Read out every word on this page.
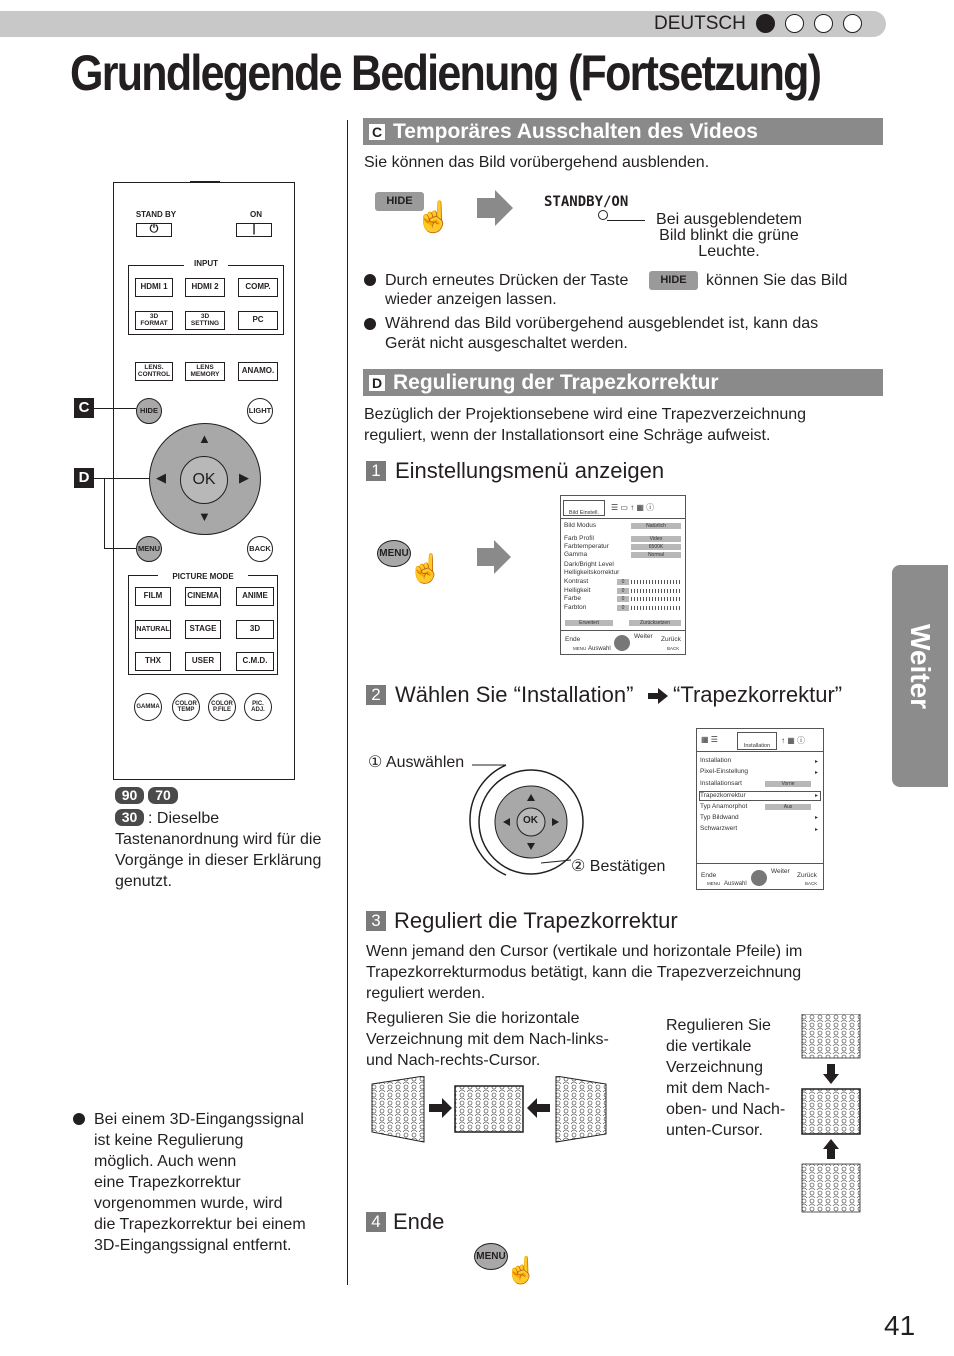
DEUTSCH
Grundlegende Bedienung (Fortsetzung)
STAND BY	ON
⏻	|
INPUT
HDMI 1	HDMI 2	COMP.
3D FORMAT
3D SETTING	PC
LENS. CONTROL
LENS MEMORY	ANAMO.
HIDE	LIGHT
▲
▼
◀	▶
OK
MENU	BACK
PICTURE MODE
FILM	CINEMA	ANIME
NATURAL	STAGE	3D
THX	USER	C.M.D.
GAMMA	COLOR TEMP
COLOR P.FILE
PIC. ADJ.
C
D
90	70
30 : Dieselbe
Tastenanordnung wird für die
Vorgänge in dieser Erklärung
genutzt.
Bei einem 3D-Eingangssignal
ist keine Regulierung
möglich. Auch wenn
eine Trapezkorrektur
vorgenommen wurde, wird
die Trapezkorrektur bei einem
3D-Eingangssignal entfernt.
C Temporäres Ausschalten des Videos
Sie können das Bild vorübergehend ausblenden.
HIDE ☝	STANDBY/ON
Bei ausgeblendetem
Bild blinkt die grüne
Leuchte.
Durch erneutes Drücken der Taste	HIDE	können Sie das Bild
wieder anzeigen lassen.
Während das Bild vorübergehend ausgeblendet ist, kann das
Gerät nicht ausgeschaltet werden.
D Regulierung der Trapezkorrektur
Bezüglich der Projektionsebene wird eine Trapezverzeichnung
reguliert, wenn der Installationsort eine Schräge aufweist.
1 Einstellungsmenü anzeigen
MENU ☝
Bild Einstell.
☰ ▭ ↑ ▦ ⓘ
Bild Modus	Natürlich
Farb Profil	Video
Farbtemperatur	6500K
Gamma	Normal
Dark/Bright Level
Helligkeitskorrektur
Kontrast	0
Helligkeit	0
Farbe	0
Farbton	0
Erweitert	Zurücksetzen
Ende
MENU Auswahl
Weiter Zurück
BACK
2 Wählen Sie “Installation” “Trapezkorrektur”
① Auswählen
② Bestätigen
OK
▦ ☰
Installation
↑ ▦ ⓘ
Installation
Pixel-Einstellung
Installationsart	Vorne
Trapezkorrektur
Typ Anamorphot	Aus
Typ Bildwand
Schwarzwert
▸
▸

▸

▸
▸
Ende
MENU Auswahl
Weiter
Zurück
BACK
3 Reguliert die Trapezkorrektur
Wenn jemand den Cursor (vertikale und horizontale Pfeile) im
Trapezkorrekturmodus betätigt, kann die Trapezverzeichnung
reguliert werden.
Regulieren Sie die horizontale
Verzeichnung mit dem Nach-links-
und Nach-rechts-Cursor.
Regulieren Sie
die vertikale
Verzeichnung
mit dem Nach-
oben- und Nach-
unten-Cursor.
4 Ende
MENU ☝
Weiter
41
